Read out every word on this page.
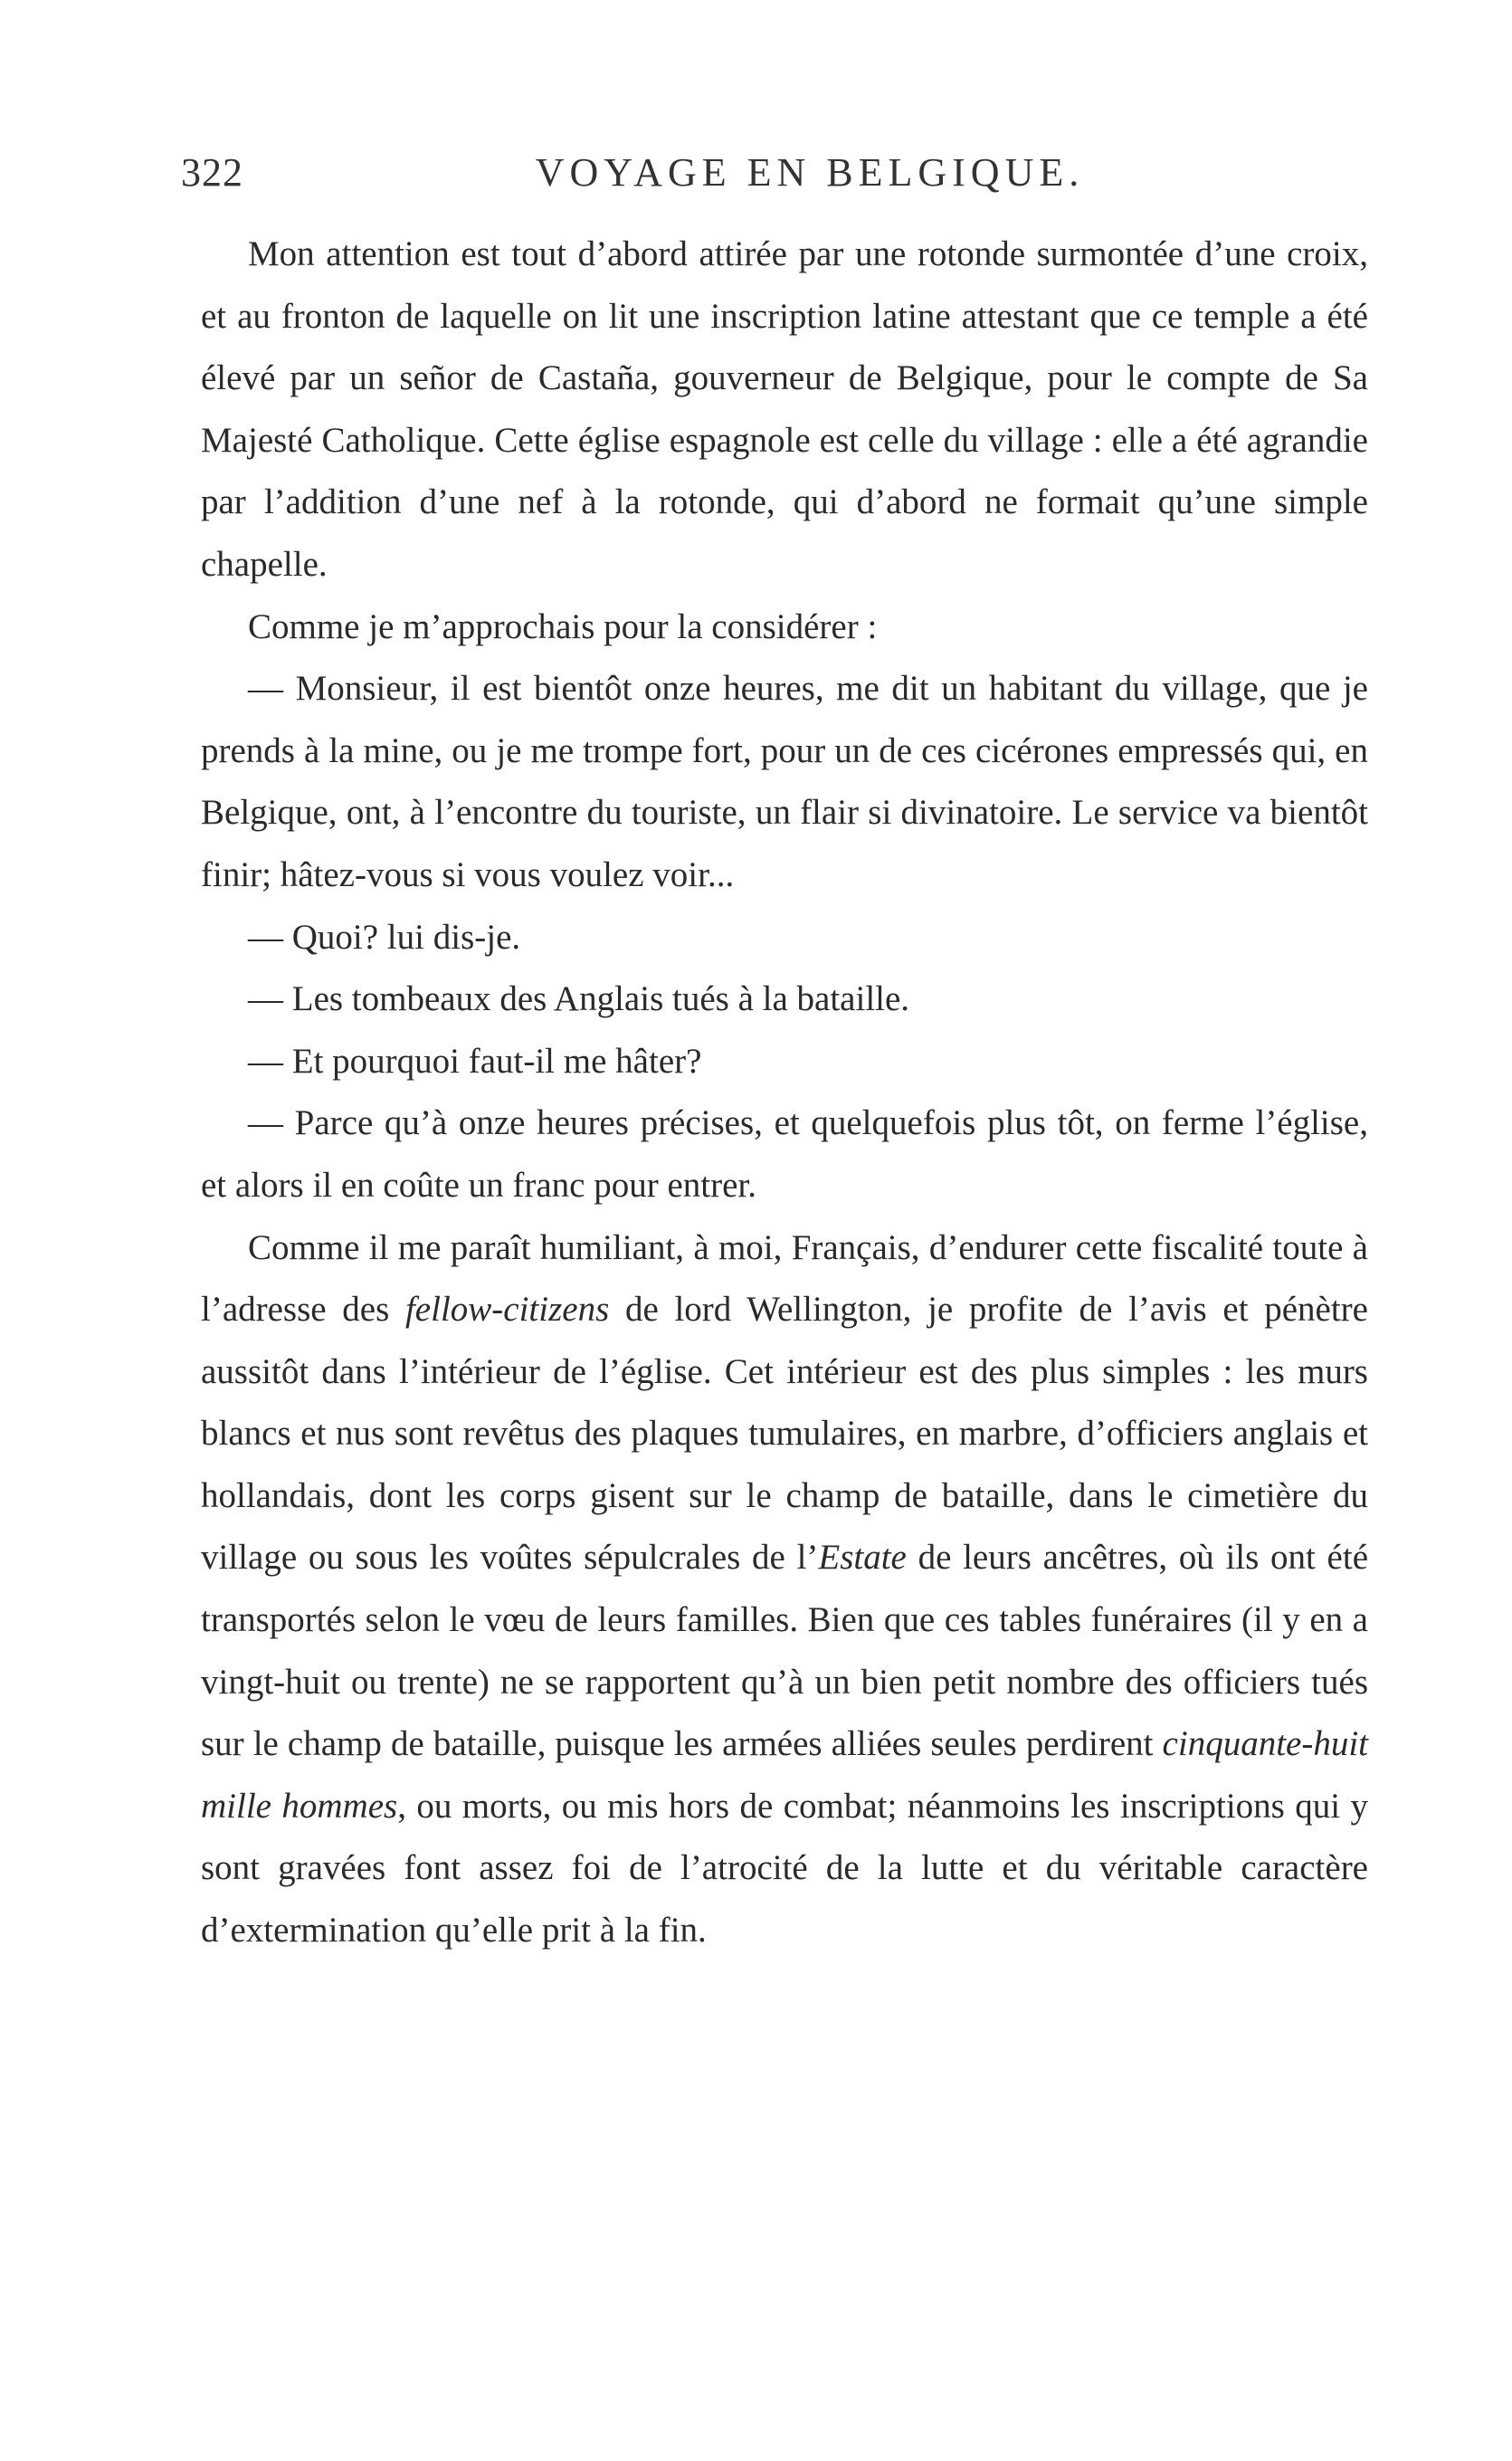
322	VOYAGE EN BELGIQUE.

Mon attention est tout d’abord attirée par une rotonde surmontée d’une croix, et au fronton de laquelle on lit une inscription latine attestant que ce temple a été élevé par un señor de Castaña, gouverneur de Belgique, pour le compte de Sa Majesté Catholique. Cette église espagnole est celle du village : elle a été agrandie par l’addition d’une nef à la rotonde, qui d’abord ne formait qu’une simple chapelle.

Comme je m’approchais pour la considérer :

— Monsieur, il est bientôt onze heures, me dit un habitant du village, que je prends à la mine, ou je me trompe fort, pour un de ces cicérones empressés qui, en Belgique, ont, à l’encontre du touriste, un flair si divinatoire. Le service va bientôt finir; hâtez-vous si vous voulez voir...

— Quoi? lui dis-je.

— Les tombeaux des Anglais tués à la bataille.

— Et pourquoi faut-il me hâter?

— Parce qu’à onze heures précises, et quelquefois plus tôt, on ferme l’église, et alors il en coûte un franc pour entrer.

Comme il me paraît humiliant, à moi, Français, d’endurer cette fiscalité toute à l’adresse des fellow-citizens de lord Wellington, je profite de l’avis et pénètre aussitôt dans l’intérieur de l’église. Cet intérieur est des plus simples : les murs blancs et nus sont revêtus des plaques tumulaires, en marbre, d’officiers anglais et hollandais, dont les corps gisent sur le champ de bataille, dans le cimetière du village ou sous les voûtes sépulcrales de l’Estate de leurs ancêtres, où ils ont été transportés selon le vœu de leurs familles. Bien que ces tables funéraires (il y en a vingt-huit ou trente) ne se rapportent qu’à un bien petit nombre des officiers tués sur le champ de bataille, puisque les armées alliées seules perdirent cinquante-huit mille hommes, ou morts, ou mis hors de combat; néanmoins les inscriptions qui y sont gravées font assez foi de l’atrocité de la lutte et du véritable caractère d’extermination qu’elle prit à la fin.
